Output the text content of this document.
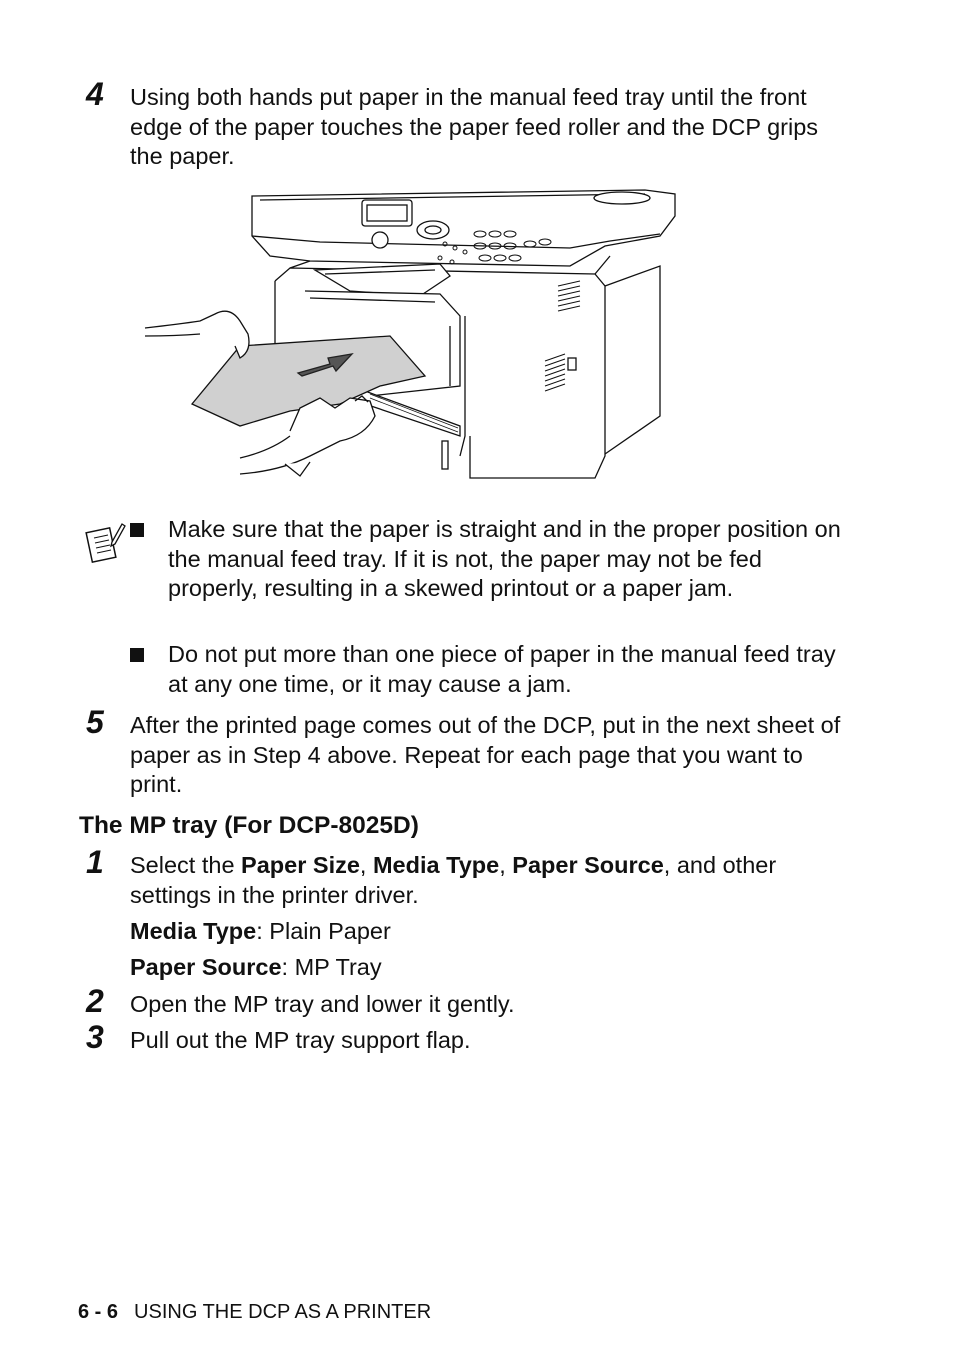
4 Using both hands put paper in the manual feed tray until the front edge of the paper touches the paper feed roller and the DCP grips the paper.
Make sure that the paper is straight and in the proper position on the manual feed tray. If it is not, the paper may not be fed properly, resulting in a skewed printout or a paper jam.
Do not put more than one piece of paper in the manual feed tray at any one time, or it may cause a jam.
5 After the printed page comes out of the DCP, put in the next sheet of paper as in Step 4 above. Repeat for each page that you want to print.
The MP tray (For DCP-8025D)
1 Select the Paper Size, Media Type, Paper Source, and other settings in the printer driver.
Media Type: Plain Paper
Paper Source: MP Tray
2 Open the MP tray and lower it gently.
3 Pull out the MP tray support flap.
6 - 6 USING THE DCP AS A PRINTER
